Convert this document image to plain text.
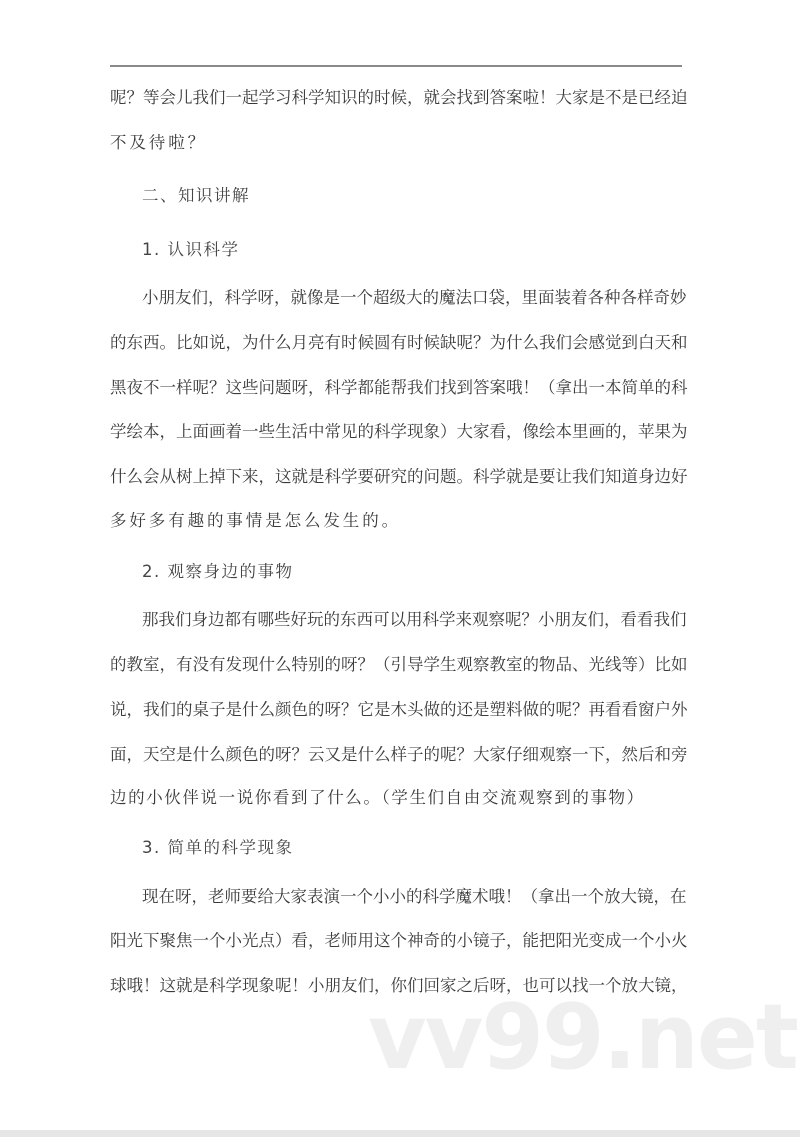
呢？等会儿我们一起学习科学知识的时候，就会找到答案啦！大家是不是已经迫
不及待啦？
二、知识讲解
1. 认识科学
小朋友们，科学呀，就像是一个超级大的魔法口袋，里面装着各种各样奇妙
的东西。比如说，为什么月亮有时候圆有时候缺呢？为什么我们会感觉到白天和
黑夜不一样呢？这些问题呀，科学都能帮我们找到答案哦！（拿出一本简单的科
学绘本，上面画着一些生活中常见的科学现象）大家看，像绘本里画的，苹果为
什么会从树上掉下来，这就是科学要研究的问题。科学就是要让我们知道身边好
多好多有趣的事情是怎么发生的。
2. 观察身边的事物
那我们身边都有哪些好玩的东西可以用科学来观察呢？小朋友们，看看我们
的教室，有没有发现什么特别的呀？（引导学生观察教室的物品、光线等）比如
说，我们的桌子是什么颜色的呀？它是木头做的还是塑料做的呢？再看看窗户外
面，天空是什么颜色的呀？云又是什么样子的呢？大家仔细观察一下，然后和旁
边的小伙伴说一说你看到了什么。（学生们自由交流观察到的事物）
3. 简单的科学现象
现在呀，老师要给大家表演一个小小的科学魔术哦！（拿出一个放大镜，在
阳光下聚焦一个小光点）看，老师用这个神奇的小镜子，能把阳光变成一个小火
球哦！这就是科学现象呢！小朋友们，你们回家之后呀，也可以找一个放大镜，
vv99.net
